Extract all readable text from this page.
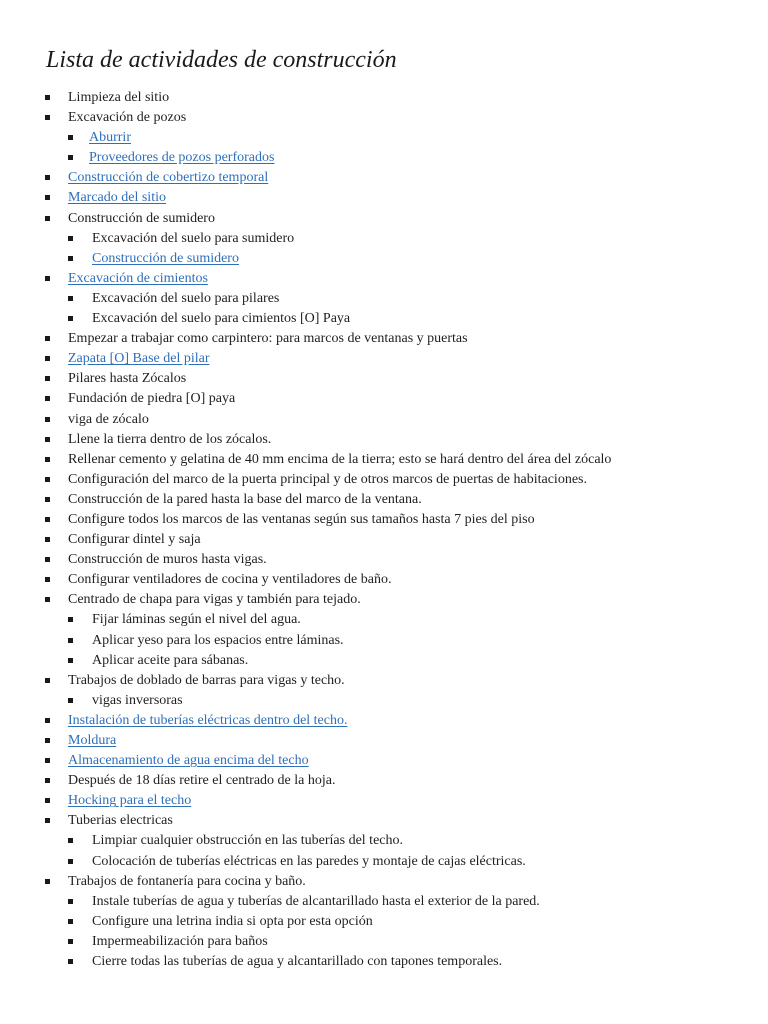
Lista de actividades de construcción
Limpieza del sitio
Excavación de pozos
Aburrir
Proveedores de pozos perforados
Construcción de cobertizo temporal
Marcado del sitio
Construcción de sumidero
Excavación del suelo para sumidero
Construcción de sumidero
Excavación de cimientos
Excavación del suelo para pilares
Excavación del suelo para cimientos [O] Paya
Empezar a trabajar como carpintero: para marcos de ventanas y puertas
Zapata [O] Base del pilar
Pilares hasta Zócalos
Fundación de piedra [O] paya
viga de zócalo
Llene la tierra dentro de los zócalos.
Rellenar cemento y gelatina de 40 mm encima de la tierra; esto se hará dentro del área del zócalo
Configuración del marco de la puerta principal y de otros marcos de puertas de habitaciones.
Construcción de la pared hasta la base del marco de la ventana.
Configure todos los marcos de las ventanas según sus tamaños hasta 7 pies del piso
Configurar dintel y saja
Construcción de muros hasta vigas.
Configurar ventiladores de cocina y ventiladores de baño.
Centrado de chapa para vigas y también para tejado.
Fijar láminas según el nivel del agua.
Aplicar yeso para los espacios entre láminas.
Aplicar aceite para sábanas.
Trabajos de doblado de barras para vigas y techo.
vigas inversoras
Instalación de tuberías eléctricas dentro del techo.
Moldura
Almacenamiento de agua encima del techo
Después de 18 días retire el centrado de la hoja.
Hocking para el techo
Tuberias electricas
Limpiar cualquier obstrucción en las tuberías del techo.
Colocación de tuberías eléctricas en las paredes y montaje de cajas eléctricas.
Trabajos de fontanería para cocina y baño.
Instale tuberías de agua y tuberías de alcantarillado hasta el exterior de la pared.
Configure una letrina india si opta por esta opción
Impermeabilización para baños
Cierre todas las tuberías de agua y alcantarillado con tapones temporales.
